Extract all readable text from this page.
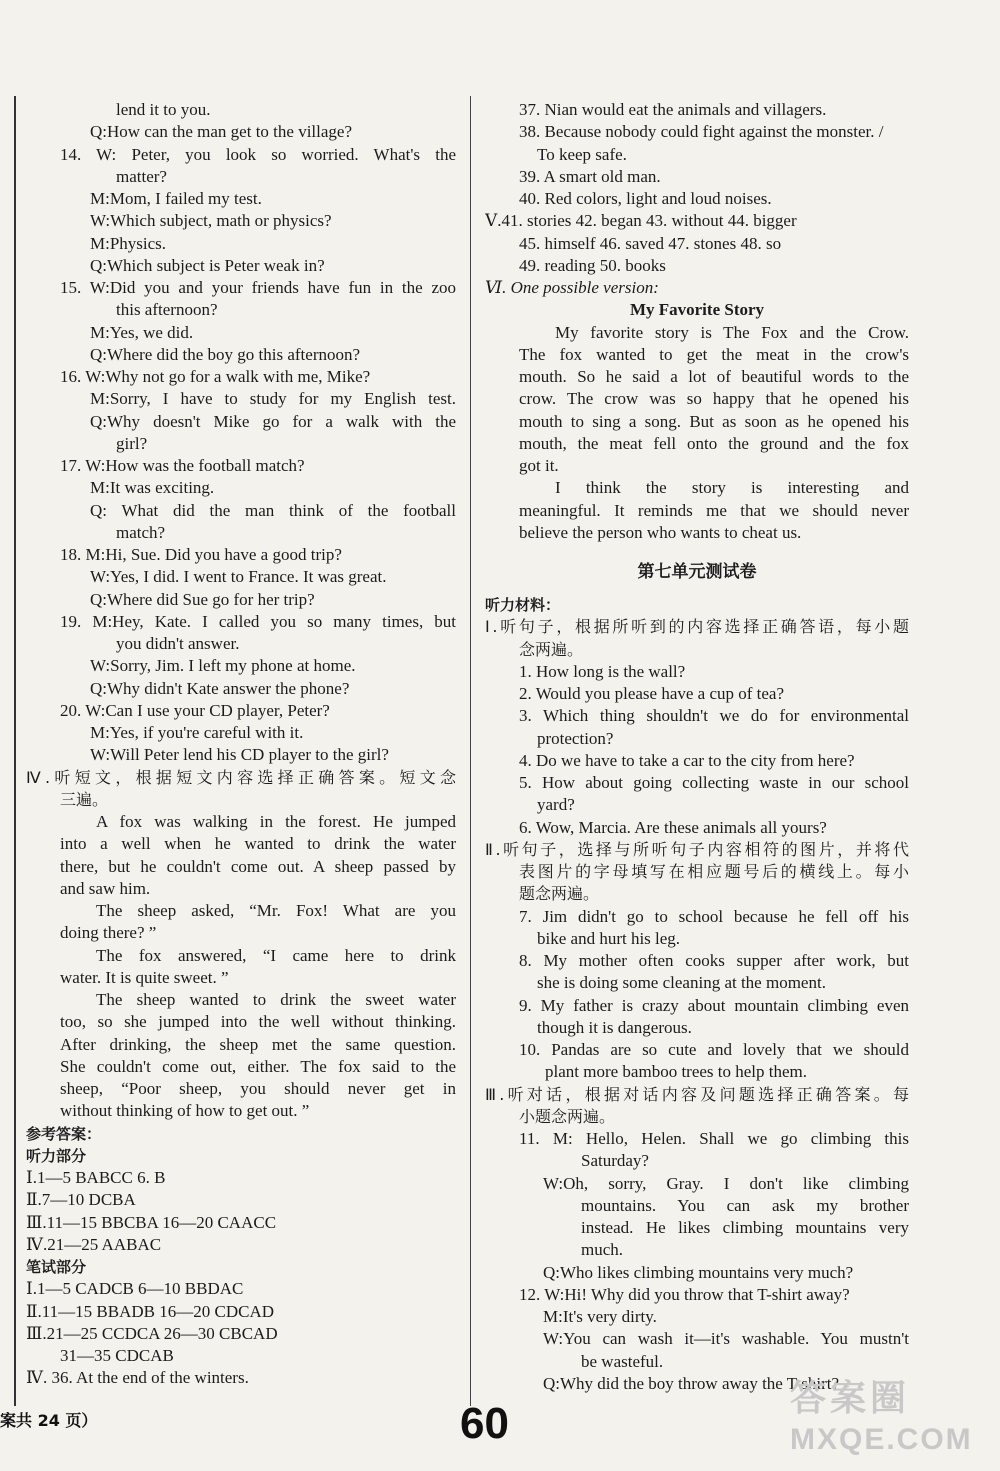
lend it to you.
Q:How can the man get to the village?
14. W: Peter, you look so worried. What's the
matter?
M:Mom, I failed my test.
W:Which subject, math or physics?
M:Physics.
Q:Which subject is Peter weak in?
15. W:Did you and your friends have fun in the zoo
this afternoon?
M:Yes, we did.
Q:Where did the boy go this afternoon?
16. W:Why not go for a walk with me, Mike?
M:Sorry, I have to study for my English test.
Q:Why doesn't Mike go for a walk with the
girl?
17. W:How was the football match?
M:It was exciting.
Q: What did the man think of the football
match?
18. M:Hi, Sue. Did you have a good trip?
W:Yes, I did. I went to France. It was great.
Q:Where did Sue go for her trip?
19. M:Hey, Kate. I called you so many times, but
you didn't answer.
W:Sorry, Jim. I left my phone at home.
Q:Why didn't Kate answer the phone?
20. W:Can I use your CD player, Peter?
M:Yes, if you're careful with it.
W:Will Peter lend his CD player to the girl?
Ⅳ.听短文，根据短文内容选择正确答案。短文念
三遍。
A fox was walking in the forest. He jumped
into a well when he wanted to drink the water
there, but he couldn't come out. A sheep passed by
and saw him.
The sheep asked, “Mr. Fox! What are you
doing there? ”
The fox answered, “I came here to drink
water. It is quite sweet. ”
The sheep wanted to drink the sweet water
too, so she jumped into the well without thinking.
After drinking, the sheep met the same question.
She couldn't come out, either. The fox said to the
sheep, “Poor sheep, you should never get in
without thinking of how to get out. ”
参考答案：
听力部分
Ⅰ.1—5 BABCC 6. B
Ⅱ.7—10 DCBA
Ⅲ.11—15 BBCBA 16—20 CAACC
Ⅳ.21—25 AABAC
笔试部分
Ⅰ.1—5 CADCB 6—10 BBDAC
Ⅱ.11—15 BBADB 16—20 CDCAD
Ⅲ.21—25 CCDCA 26—30 CBCAD
31—35 CDCAB
Ⅳ. 36. At the end of the winters.
37. Nian would eat the animals and villagers.
38. Because nobody could fight against the monster. /
To keep safe.
39. A smart old man.
40. Red colors, light and loud noises.
Ⅴ.41. stories 42. began 43. without 44. bigger
45. himself 46. saved 47. stones 48. so
49. reading 50. books
Ⅵ. One possible version:
My Favorite Story
My favorite story is The Fox and the Crow.
The fox wanted to get the meat in the crow's
mouth. So he said a lot of beautiful words to the
crow. The crow was so happy that he opened his
mouth to sing a song. But as soon as he opened his
mouth, the meat fell onto the ground and the fox
got it.
I think the story is interesting and
meaningful. It reminds me that we should never
believe the person who wants to cheat us.
第七单元测试卷
听力材料：
Ⅰ.听句子，根据所听到的内容选择正确答语，每小题
念两遍。
1. How long is the wall?
2. Would you please have a cup of tea?
3. Which thing shouldn't we do for environmental
protection?
4. Do we have to take a car to the city from here?
5. How about going collecting waste in our school
yard?
6. Wow, Marcia. Are these animals all yours?
Ⅱ.听句子，选择与所听句子内容相符的图片，并将代
表图片的字母填写在相应题号后的横线上。每小
题念两遍。
7. Jim didn't go to school because he fell off his
bike and hurt his leg.
8. My mother often cooks supper after work, but
she is doing some cleaning at the moment.
9. My father is crazy about mountain climbing even
though it is dangerous.
10. Pandas are so cute and lovely that we should
plant more bamboo trees to help them.
Ⅲ.听对话，根据对话内容及问题选择正确答案。每
小题念两遍。
11. M: Hello, Helen. Shall we go climbing this
Saturday?
W:Oh, sorry, Gray. I don't like climbing
mountains. You can ask my brother
instead. He likes climbing mountains very
much.
Q:Who likes climbing mountains very much?
12. W:Hi! Why did you throw that T-shirt away?
M:It's very dirty.
W:You can wash it—it's washable. You mustn't
be wasteful.
Q:Why did the boy throw away the T-shirt?
案共 24 页）	60
答案圈
MXQE.COM
